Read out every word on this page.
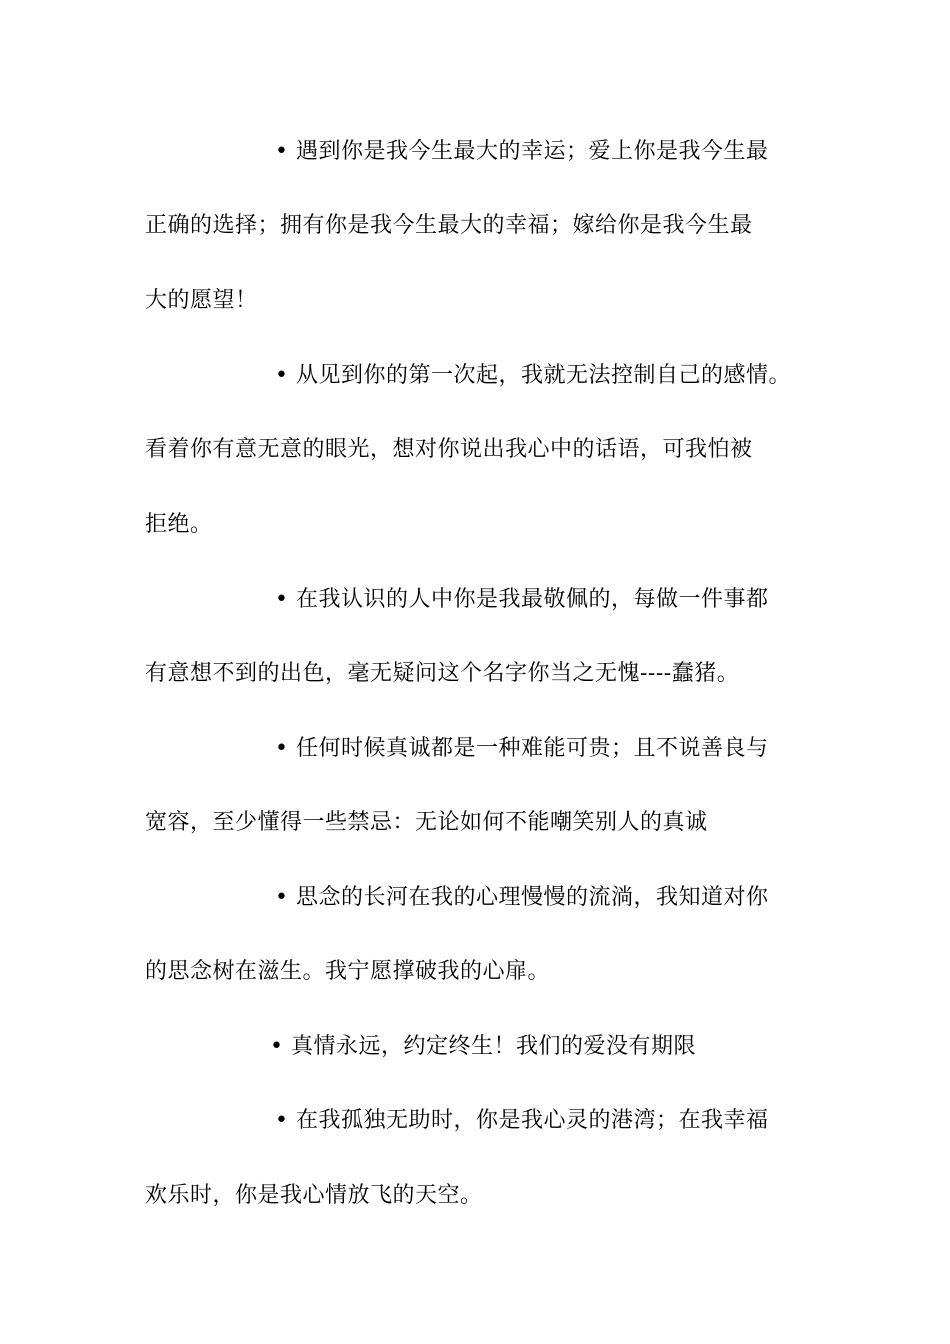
• 遇到你是我今生最大的幸运；爱上你是我今生最
正确的选择；拥有你是我今生最大的幸福；嫁给你是我今生最
大的愿望！
• 从见到你的第一次起，我就无法控制自己的感情。
看着你有意无意的眼光，想对你说出我心中的话语，可我怕被
拒绝。
• 在我认识的人中你是我最敬佩的，每做一件事都
有意想不到的出色，毫无疑问这个名字你当之无愧----蠢猪。
• 任何时候真诚都是一种难能可贵；且不说善良与
宽容，至少懂得一些禁忌：无论如何不能嘲笑别人的真诚
• 思念的长河在我的心理慢慢的流淌，我知道对你
的思念树在滋生。我宁愿撑破我的心扉。
• 真情永远，约定终生！我们的爱没有期限
• 在我孤独无助时，你是我心灵的港湾；在我幸福
欢乐时，你是我心情放飞的天空。
